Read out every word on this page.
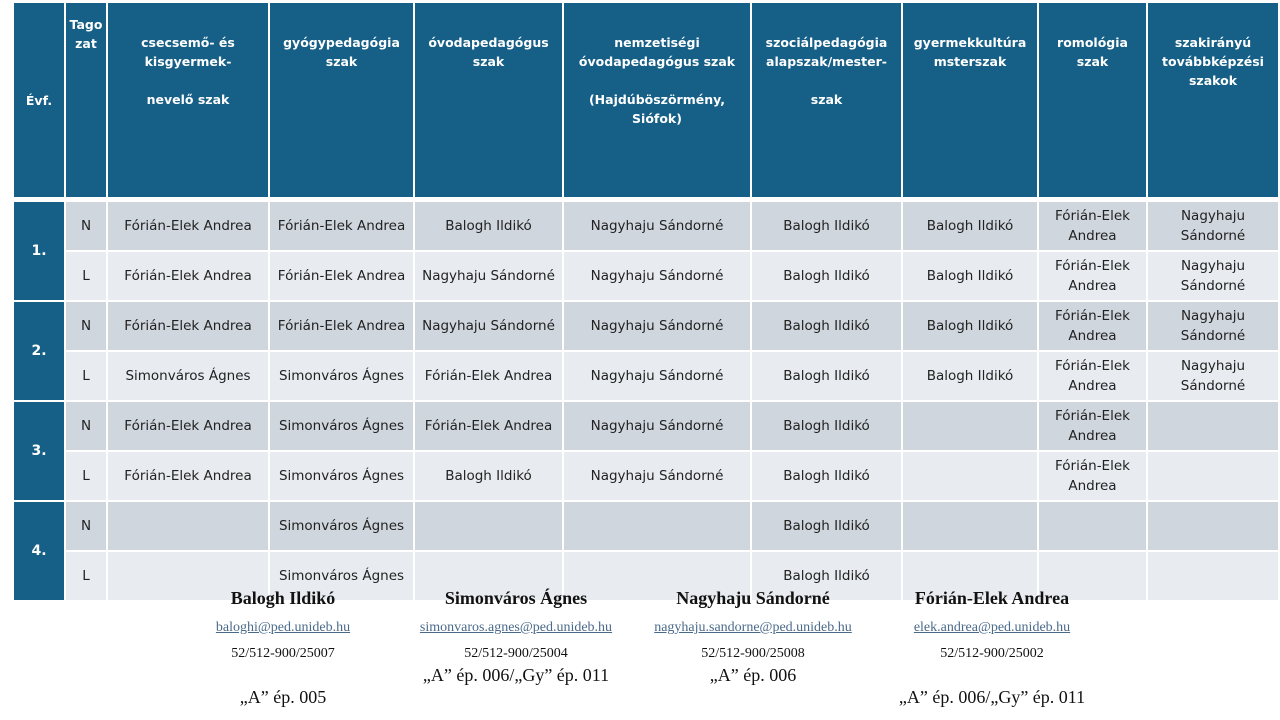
Évf.	Tagozat	csecsemő- és
kisgyermek-

nevelő szak	gyógypedagógia
szak	óvodapedagógus
szak	nemzetiségi
óvodapedagógus szak

(Hajdúböszörmény,
Siófok)	szociálpedagógia
alapszak/mester-

szak	gyermekkultúra
msterszak	romológia
szak	szakirányú
továbbképzési
szakok
1.	N	Fórián-Elek Andrea	Fórián-Elek Andrea	Balogh Ildikó	Nagyhaju Sándorné	Balogh Ildikó	Balogh Ildikó	Fórián-Elek Andrea	Nagyhaju Sándorné
	L	Fórián-Elek Andrea	Fórián-Elek Andrea	Nagyhaju Sándorné	Nagyhaju Sándorné	Balogh Ildikó	Balogh Ildikó	Fórián-Elek Andrea	Nagyhaju Sándorné
2.	N	Fórián-Elek Andrea	Fórián-Elek Andrea	Nagyhaju Sándorné	Nagyhaju Sándorné	Balogh Ildikó	Balogh Ildikó	Fórián-Elek Andrea	Nagyhaju Sándorné
	L	Simonváros Ágnes	Simonváros Ágnes	Fórián-Elek Andrea	Nagyhaju Sándorné	Balogh Ildikó	Balogh Ildikó	Fórián-Elek Andrea	Nagyhaju Sándorné
3.	N	Fórián-Elek Andrea	Simonváros Ágnes	Fórián-Elek Andrea	Nagyhaju Sándorné	Balogh Ildikó		Fórián-Elek Andrea	
	L	Fórián-Elek Andrea	Simonváros Ágnes	Balogh Ildikó	Nagyhaju Sándorné	Balogh Ildikó		Fórián-Elek Andrea	
4.	N		Simonváros Ágnes			Balogh Ildikó			
	L		Simonváros Ágnes			Balogh Ildikó			
Balogh Ildikó
baloghi@ped.unideb.hu
52/512-900/25007
„A” ép. 005
Simonváros Ágnes
simonvaros.agnes@ped.unideb.hu
52/512-900/25004
„A” ép. 006/„Gy” ép. 011
Nagyhaju Sándorné
nagyhaju.sandorne@ped.unideb.hu
52/512-900/25008
„A” ép. 006
Fórián-Elek Andrea
elek.andrea@ped.unideb.hu
52/512-900/25002
„A” ép. 006/„Gy” ép. 011
